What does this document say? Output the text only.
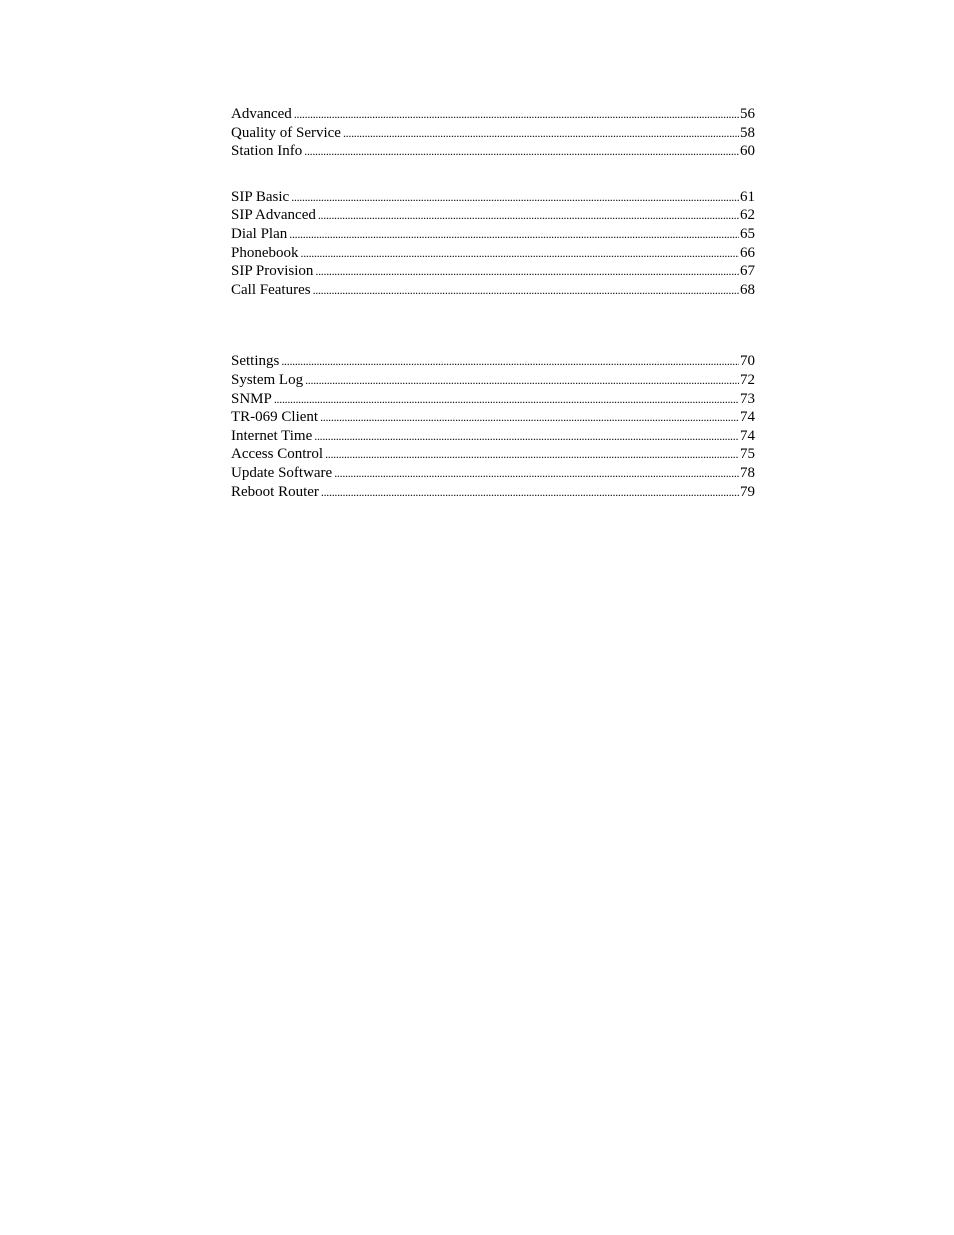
Advanced . . .	56
Quality of Service . . .	58
Station Info . . .	60
SIP Basic . . .	61
SIP Advanced . . .	62
Dial Plan . . .	65
Phonebook . . .	66
SIP Provision . . .	67
Call Features . . .	68
Settings . . .	70
System Log . . .	72
SNMP . . .	73
TR-069 Client . . .	74
Internet Time . . .	74
Access Control . . .	75
Update Software . . .	78
Reboot Router . . .	79
